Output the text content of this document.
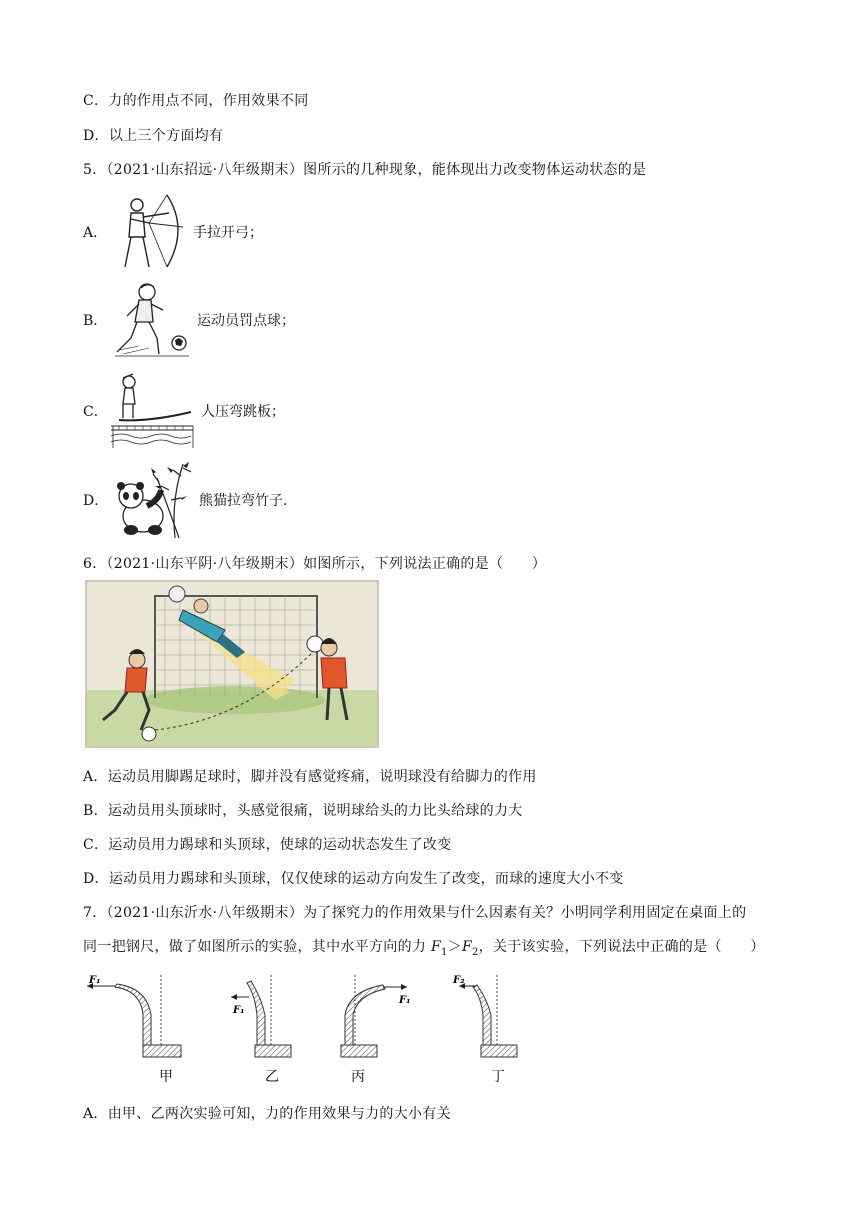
C．力的作用点不同，作用效果不同
D．以上三个方面均有
5．（2021·山东招远·八年级期末）图所示的几种现象，能体现出力改变物体运动状态的是
A．	手拉开弓；
B．	运动员罚点球；
C．	人压弯跳板；
D．	熊猫拉弯竹子.
6．（2021·山东平阴·八年级期末）如图所示，下列说法正确的是（　　）
A．运动员用脚踢足球时，脚并没有感觉疼痛，说明球没有给脚力的作用
B．运动员用头顶球时，头感觉很痛，说明球给头的力比头给球的力大
C．运动员用力踢球和头顶球，使球的运动状态发生了改变
D．运动员用力踢球和头顶球，仅仅使球的运动方向发生了改变，而球的速度大小不变
7．（2021·山东沂水·八年级期末）为了探究力的作用效果与什么因素有关？小明同学利用固定在桌面上的
同一把钢尺，做了如图所示的实验，其中水平方向的力 $F_1>F_2$，关于该实验，下列说法中正确的是（　　）
F₁
甲
F₁
乙
F₁
丙
F₂
丁
A．由甲、乙两次实验可知，力的作用效果与力的大小有关
